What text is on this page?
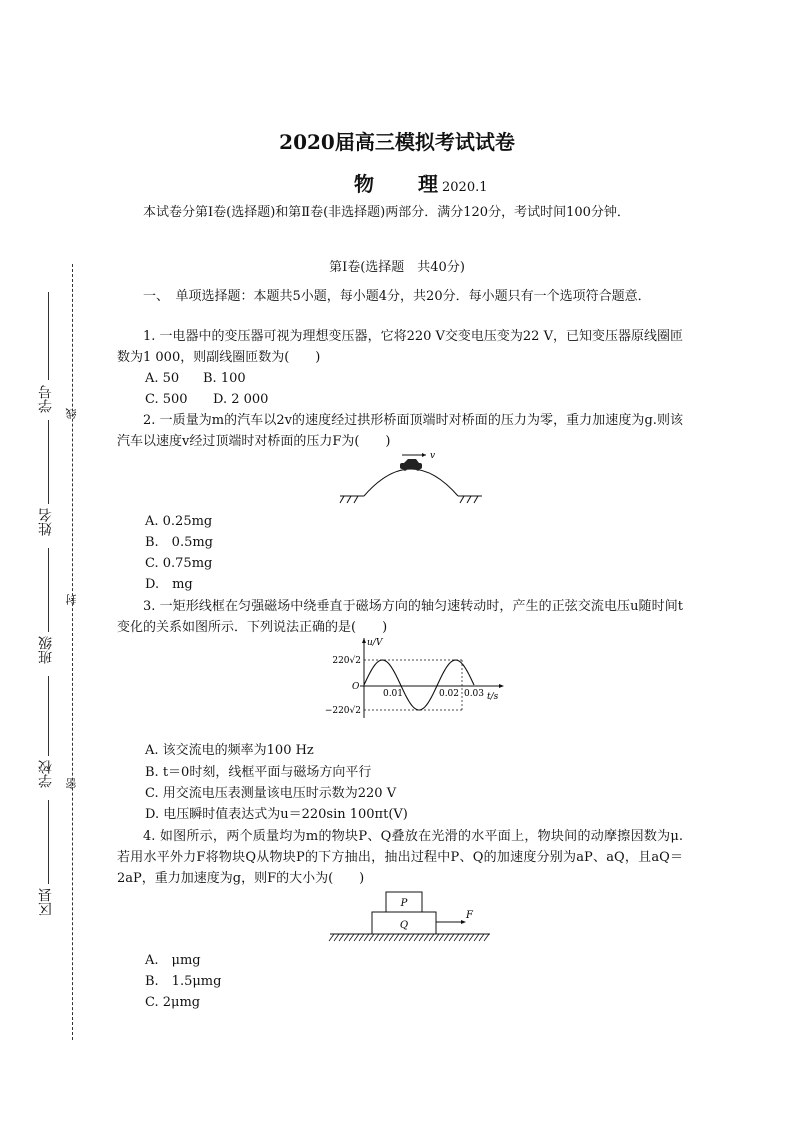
学号
姓名
班级
学校
区县
线
封
密
2020届高三模拟考试试卷
物 理 2020.1
本试卷分第Ⅰ卷(选择题)和第Ⅱ卷(非选择题)两部分．满分120分，考试时间100分钟．
第Ⅰ卷(选择题　共40分)
一、　单项选择题：本题共5小题，每小题4分，共20分．每小题只有一个选项符合题意．
1. 一电器中的变压器可视为理想变压器，它将220 V交变电压变为22 V，已知变压器原线圈匝数为1 000，则副线圈匝数为(　　)
A. 50 B. 100
C. 500 D. 2 000
2. 一质量为m的汽车以2v的速度经过拱形桥面顶端时对桥面的压力为零，重力加速度为g.则该汽车以速度v经过顶端时对桥面的压力F为(　　)
v
A. 0.25mg
B.　0.5mg
C. 0.75mg
D.　mg
3. 一矩形线框在匀强磁场中绕垂直于磁场方向的轴匀速转动时，产生的正弦交流电压u随时间t变化的关系如图所示．下列说法正确的是(　　)
u/V
t/s
O
220√2
−220√2
0.01	0.02 0.03
A. 该交流电的频率为100 Hz
B. t＝0时刻，线框平面与磁场方向平行
C. 用交流电压表测量该电压时示数为220 V
D. 电压瞬时值表达式为u＝220sin 100πt(V)
4. 如图所示，两个质量均为m的物块P、Q叠放在光滑的水平面上，物块间的动摩擦因数为μ.若用水平外力F将物块Q从物块P的下方抽出，抽出过程中P、Q的加速度分别为aP、aQ，且aQ＝2aP，重力加速度为g，则F的大小为(　　)
P
Q
F
A.　μmg
B.　1.5μmg
C. 2μmg
